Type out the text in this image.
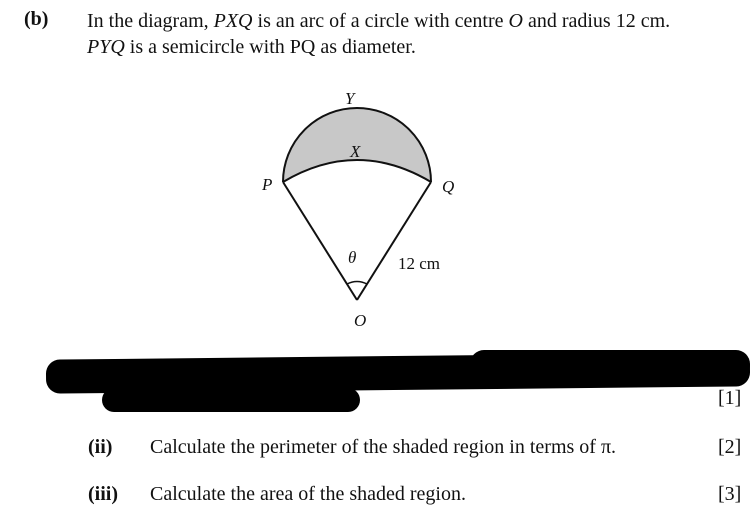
(b) In the diagram, PXQ is an arc of a circle with centre O and radius 12 cm.
PYQ is a semicircle with PQ as diameter.
Y
X
P	Q
θ 12 cm
O
[1]
(ii) Calculate the perimeter of the shaded region in terms of π.	[2]
(iii) Calculate the area of the shaded region.	[3]
